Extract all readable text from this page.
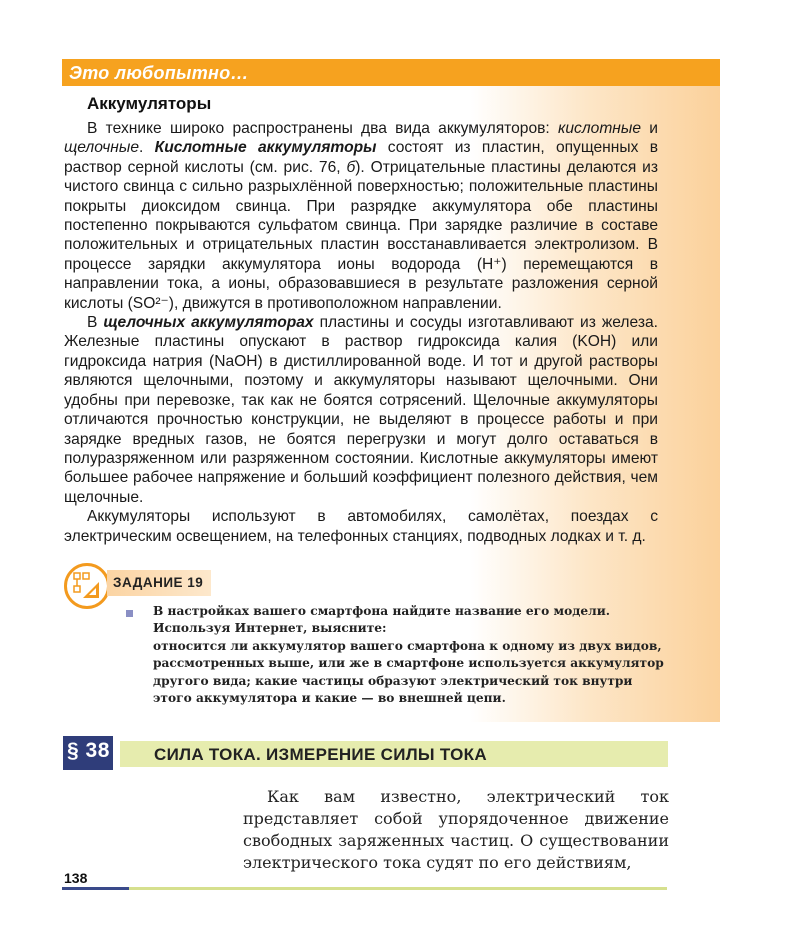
Это любопытно…
Аккумуляторы

В технике широко распространены два вида аккумуляторов: кислотные и щелочные. Кислотные аккумуляторы состоят из пластин, опущенных в раствор серной кислоты (см. рис. 76, б). Отрицательные пластины делаются из чистого свинца с сильно разрыхлённой поверхностью; положительные пластины покрыты диоксидом свинца. При разрядке аккумулятора обе пластины постепенно покрываются сульфатом свинца. При зарядке различие в составе положительных и отрицательных пластин восстанавливается электролизом. В процессе зарядки аккумулятора ионы водорода (H⁺) перемещаются в направлении тока, а ионы, образовавшиеся в результате разложения серной кислоты (SO²⁻), движутся в противоположном направлении.

В щелочных аккумуляторах пластины и сосуды изготавливают из железа. Железные пластины опускают в раствор гидроксида калия (KOH) или гидроксида натрия (NaOH) в дистиллированной воде. И тот и другой растворы являются щелочными, поэтому и аккумуляторы называют щелочными. Они удобны при перевозке, так как не боятся сотрясений. Щелочные аккумуляторы отличаются прочностью конструкции, не выделяют в процессе работы и при зарядке вредных газов, не боятся перегрузки и могут долго оставаться в полуразряженном или разряженном состоянии. Кислотные аккумуляторы имеют большее рабочее напряжение и больший коэффициент полезного действия, чем щелочные.

Аккумуляторы используют в автомобилях, самолётах, поездах с электрическим освещением, на телефонных станциях, подводных лодках и т. д.

ЗАДАНИЕ 19
В настройках вашего смартфона найдите название его модели. Используя Интернет, выясните:
относится ли аккумулятор вашего смартфона к одному из двух видов, рассмотренных выше, или же в смартфоне используется аккумулятор другого вида; какие частицы образуют электрический ток внутри этого аккумулятора и какие — во внешней цепи.
§ 38	СИЛА ТОКА. ИЗМЕРЕНИЕ СИЛЫ ТОКА

Как вам известно, электрический ток представляет собой упорядоченное движение свободных заряженных частиц. О существовании электрического тока судят по его действиям,

138
